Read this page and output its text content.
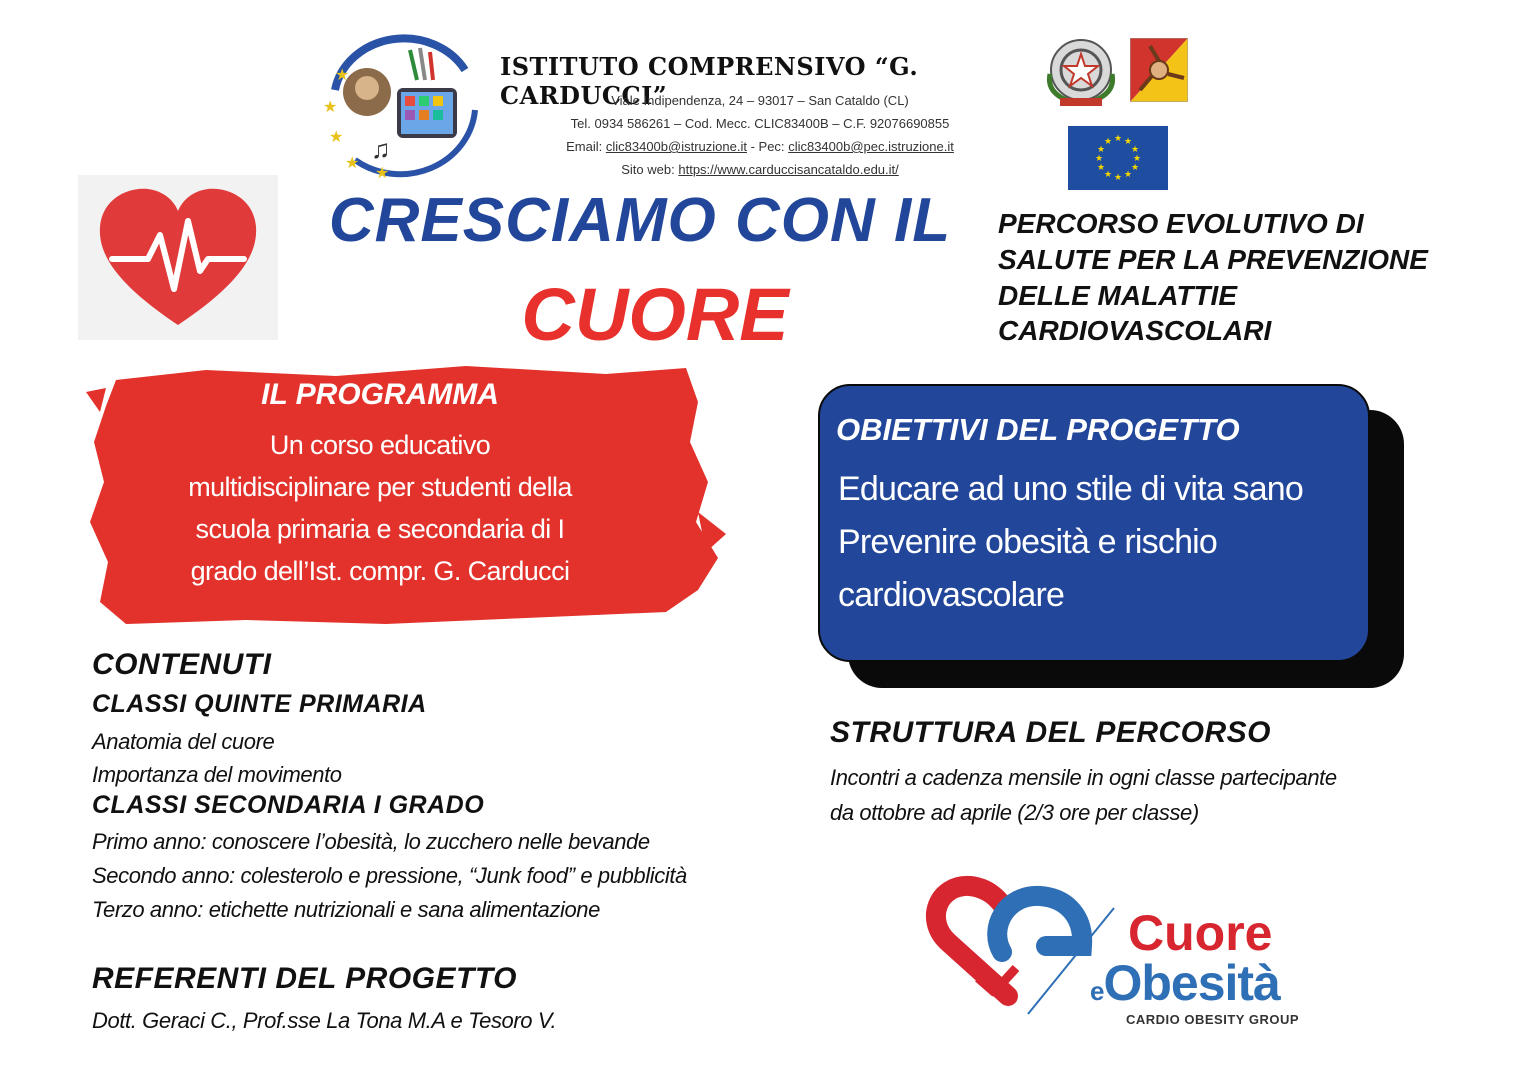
★
★
★
★
★
♫
ISTITUTO COMPRENSIVO “G. CARDUCCI”
Viale Indipendenza, 24 – 93017 – San Cataldo (CL)
Tel. 0934 586261 – Cod. Mecc. CLIC83400B – C.F. 92076690855
Email: clic83400b@istruzione.it - Pec: clic83400b@pec.istruzione.it
Sito web: https://www.carduccisancataldo.edu.it/
★ ★
★
★
★
★
★
★
★
★
★
★
CRESCIAMO CON IL
CUORE
PERCORSO EVOLUTIVO DI
SALUTE PER LA PREVENZIONE
DELLE MALATTIE
CARDIOVASCOLARI
IL PROGRAMMA
Un corso educativo
multidisciplinare per studenti della
scuola primaria e secondaria di I
grado dell’Ist. compr. G. Carducci
OBIETTIVI DEL PROGETTO
Educare ad uno stile di vita sano
Prevenire obesità e rischio
cardiovascolare
CONTENUTI
CLASSI QUINTE PRIMARIA
Anatomia del cuore
Importanza del movimento
CLASSI SECONDARIA I GRADO
Primo anno: conoscere l’obesità, lo zucchero nelle bevande
Secondo anno: colesterolo e pressione, “Junk food” e pubblicità
Terzo anno: etichette nutrizionali e sana alimentazione
REFERENTI DEL PROGETTO
Dott. Geraci C., Prof.sse La Tona M.A e Tesoro V.
STRUTTURA DEL PERCORSO
Incontri a cadenza mensile in ogni classe partecipante
da ottobre ad aprile (2/3 ore per classe)
Cuore
eObesità
CARDIO OBESITY GROUP
